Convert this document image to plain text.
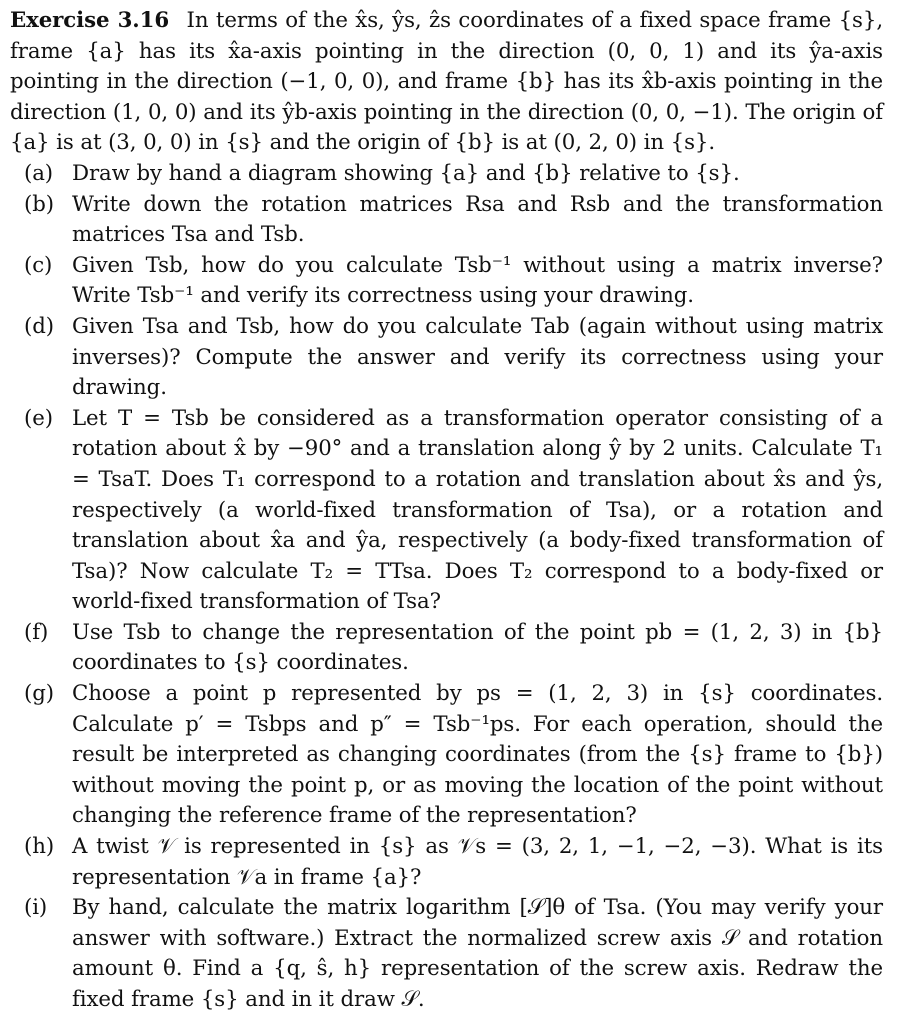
Exercise 3.16 In terms of the x̂s, ŷs, ẑs coordinates of a fixed space frame {s}, frame {a} has its x̂a-axis pointing in the direction (0, 0, 1) and its ŷa-axis pointing in the direction (−1, 0, 0), and frame {b} has its x̂b-axis pointing in the direction (1, 0, 0) and its ŷb-axis pointing in the direction (0, 0, −1). The origin of {a} is at (3, 0, 0) in {s} and the origin of {b} is at (0, 2, 0) in {s}.

(a) Draw by hand a diagram showing {a} and {b} relative to {s}.
(b) Write down the rotation matrices Rsa and Rsb and the transformation matrices Tsa and Tsb.
(c) Given Tsb, how do you calculate Tsb⁻¹ without using a matrix inverse? Write Tsb⁻¹ and verify its correctness using your drawing.
(d) Given Tsa and Tsb, how do you calculate Tab (again without using matrix inverses)? Compute the answer and verify its correctness using your drawing.
(e) Let T = Tsb be considered as a transformation operator consisting of a rotation about x̂ by −90° and a translation along ŷ by 2 units. Calculate T₁ = TsaT. Does T₁ correspond to a rotation and translation about x̂s and ŷs, respectively (a world-fixed transformation of Tsa), or a rotation and translation about x̂a and ŷa, respectively (a body-fixed transformation of Tsa)? Now calculate T₂ = TTsa. Does T₂ correspond to a body-fixed or world-fixed transformation of Tsa?
(f) Use Tsb to change the representation of the point pb = (1, 2, 3) in {b} coordinates to {s} coordinates.
(g) Choose a point p represented by ps = (1, 2, 3) in {s} coordinates. Calculate p′ = Tsbps and p″ = Tsb⁻¹ps. For each operation, should the result be interpreted as changing coordinates (from the {s} frame to {b}) without moving the point p, or as moving the location of the point without changing the reference frame of the representation?
(h) A twist 𝒱 is represented in {s} as 𝒱s = (3, 2, 1, −1, −2, −3). What is its representation 𝒱a in frame {a}?
(i) By hand, calculate the matrix logarithm [𝒮]θ of Tsa. (You may verify your answer with software.) Extract the normalized screw axis 𝒮 and rotation amount θ. Find a {q, ŝ, h} representation of the screw axis. Redraw the fixed frame {s} and in it draw 𝒮.
